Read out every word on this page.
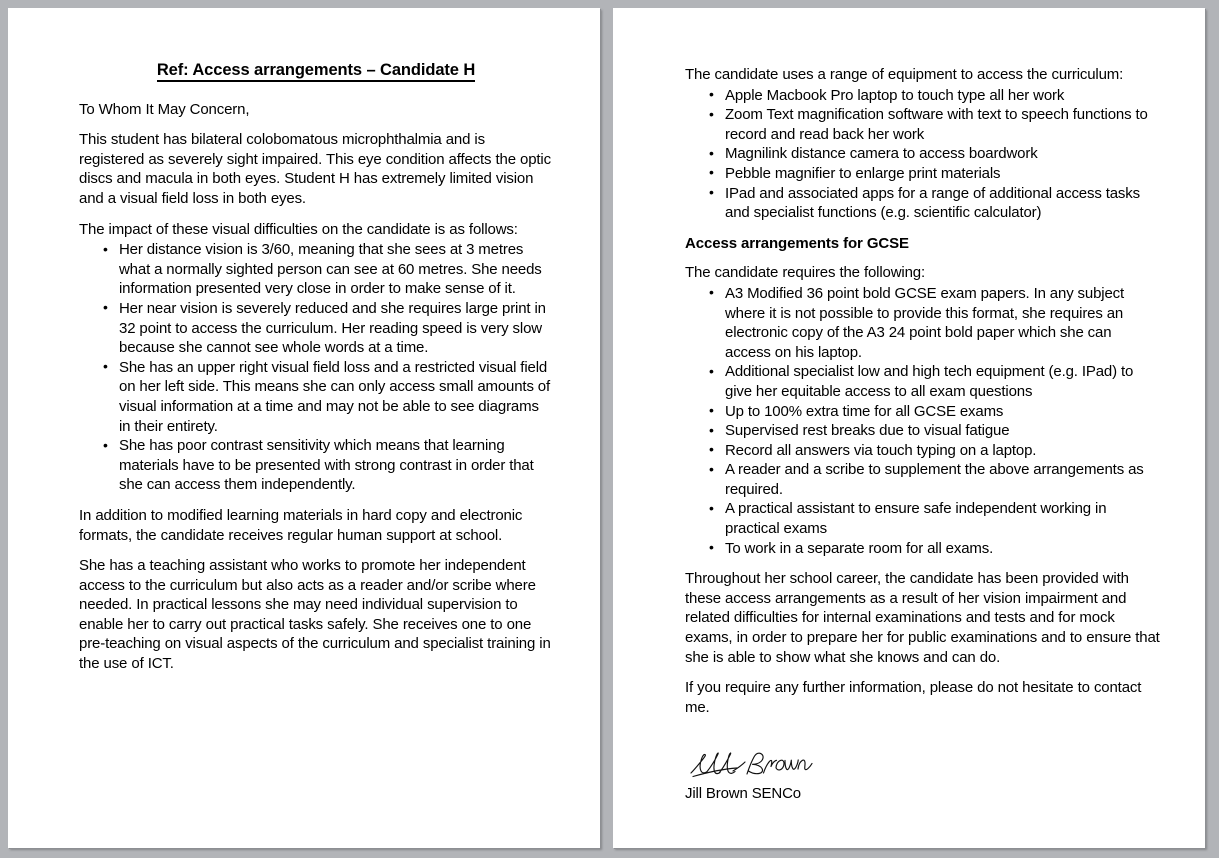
Ref: Access arrangements – Candidate H

To Whom It May Concern,

This student has bilateral colobomatous microphthalmia and is registered as severely sight impaired. This eye condition affects the optic discs and macula in both eyes. Student H has extremely limited vision and a visual field loss in both eyes.

The impact of these visual difficulties on the candidate is as follows:

• Her distance vision is 3/60, meaning that she sees at 3 metres what a normally sighted person can see at 60 metres. She needs information presented very close in order to make sense of it.
• Her near vision is severely reduced and she requires large print in 32 point to access the curriculum. Her reading speed is very slow because she cannot see whole words at a time.
• She has an upper right visual field loss and a restricted visual field on her left side. This means she can only access small amounts of visual information at a time and may not be able to see diagrams in their entirety.
• She has poor contrast sensitivity which means that learning materials have to be presented with strong contrast in order that she can access them independently.

In addition to modified learning materials in hard copy and electronic formats, the candidate receives regular human support at school.

She has a teaching assistant who works to promote her independent access to the curriculum but also acts as a reader and/or scribe where needed. In practical lessons she may need individual supervision to enable her to carry out practical tasks safely. She receives one to one pre-teaching on visual aspects of the curriculum and specialist training in the use of ICT.

The candidate uses a range of equipment to access the curriculum:

• Apple Macbook Pro laptop to touch type all her work
• Zoom Text magnification software with text to speech functions to record and read back her work
• Magnilink distance camera to access boardwork
• Pebble magnifier to enlarge print materials
• IPad and associated apps for a range of additional access tasks and specialist functions (e.g. scientific calculator)
Access arrangements for GCSE

The candidate requires the following:

• A3 Modified 36 point bold GCSE exam papers. In any subject where it is not possible to provide this format, she requires an electronic copy of the A3 24 point bold paper which she can access on his laptop.
• Additional specialist low and high tech equipment (e.g. IPad) to give her equitable access to all exam questions
• Up to 100% extra time for all GCSE exams
• Supervised rest breaks due to visual fatigue
• Record all answers via touch typing on a laptop.
• A reader and a scribe to supplement the above arrangements as required.
• A practical assistant to ensure safe independent working in practical exams
• To work in a separate room for all exams.

Throughout her school career, the candidate has been provided with these access arrangements as a result of her vision impairment and related difficulties for internal examinations and tests and for mock exams, in order to prepare her for public examinations and to ensure that she is able to show what she knows and can do.

If you require any further information, please do not hesitate to contact me.

Jill Brown SENCo
